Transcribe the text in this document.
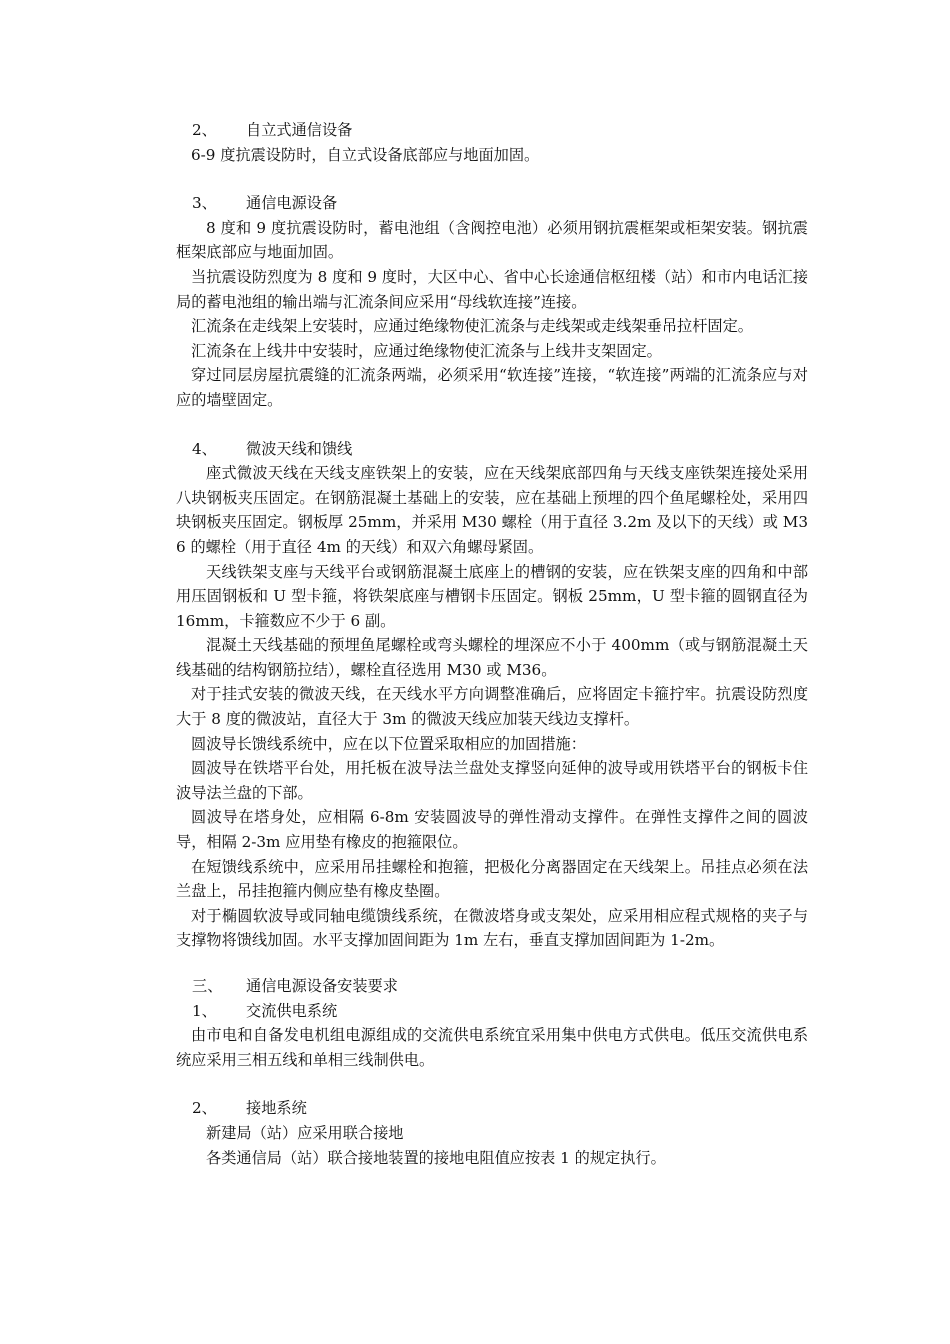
2、	自立式通信设备

6-9 度抗震设防时，自立式设备底部应与地面加固。

3、	通信电源设备

8 度和 9 度抗震设防时，蓄电池组（含阀控电池）必须用钢抗震框架或柜架安装。钢抗震框架底部应与地面加固。

当抗震设防烈度为 8 度和 9 度时，大区中心、省中心长途通信枢纽楼（站）和市内电话汇接局的蓄电池组的输出端与汇流条间应采用“母线软连接”连接。

汇流条在走线架上安装时，应通过绝缘物使汇流条与走线架或走线架垂吊拉杆固定。

汇流条在上线井中安装时，应通过绝缘物使汇流条与上线井支架固定。

穿过同层房屋抗震缝的汇流条两端，必须采用“软连接”连接，“软连接”两端的汇流条应与对应的墙壁固定。

4、	微波天线和馈线

座式微波天线在天线支座铁架上的安装，应在天线架底部四角与天线支座铁架连接处采用八块钢板夹压固定。在钢筋混凝土基础上的安装，应在基础上预埋的四个鱼尾螺栓处，采用四块钢板夹压固定。钢板厚 25mm，并采用 M30 螺栓（用于直径 3.2m 及以下的天线）或 M36 的螺栓（用于直径 4m 的天线）和双六角螺母紧固。

天线铁架支座与天线平台或钢筋混凝土底座上的槽钢的安装，应在铁架支座的四角和中部用压固钢板和 U 型卡箍，将铁架底座与槽钢卡压固定。钢板 25mm，U 型卡箍的圆钢直径为 16mm，卡箍数应不少于 6 副。

混凝土天线基础的预埋鱼尾螺栓或弯头螺栓的埋深应不小于 400mm（或与钢筋混凝土天线基础的结构钢筋拉结），螺栓直径选用 M30 或 M36。

对于挂式安装的微波天线，在天线水平方向调整准确后，应将固定卡箍拧牢。抗震设防烈度大于 8 度的微波站，直径大于 3m 的微波天线应加装天线边支撑杆。

圆波导长馈线系统中，应在以下位置采取相应的加固措施：

圆波导在铁塔平台处，用托板在波导法兰盘处支撑竖向延伸的波导或用铁塔平台的钢板卡住波导法兰盘的下部。

圆波导在塔身处，应相隔 6-8m 安装圆波导的弹性滑动支撑件。在弹性支撑件之间的圆波导，相隔 2-3m 应用垫有橡皮的抱箍限位。

在短馈线系统中，应采用吊挂螺栓和抱箍，把极化分离器固定在天线架上。吊挂点必须在法兰盘上，吊挂抱箍内侧应垫有橡皮垫圈。

对于椭圆软波导或同轴电缆馈线系统，在微波塔身或支架处，应采用相应程式规格的夹子与支撑物将馈线加固。水平支撑加固间距为 1m 左右，垂直支撑加固间距为 1-2m。

三、	通信电源设备安装要求
1、	交流供电系统

由市电和自备发电机组电源组成的交流供电系统宜采用集中供电方式供电。低压交流供电系统应采用三相五线和单相三线制供电。

2、	接地系统

新建局（站）应采用联合接地

各类通信局（站）联合接地装置的接地电阻值应按表 1 的规定执行。
